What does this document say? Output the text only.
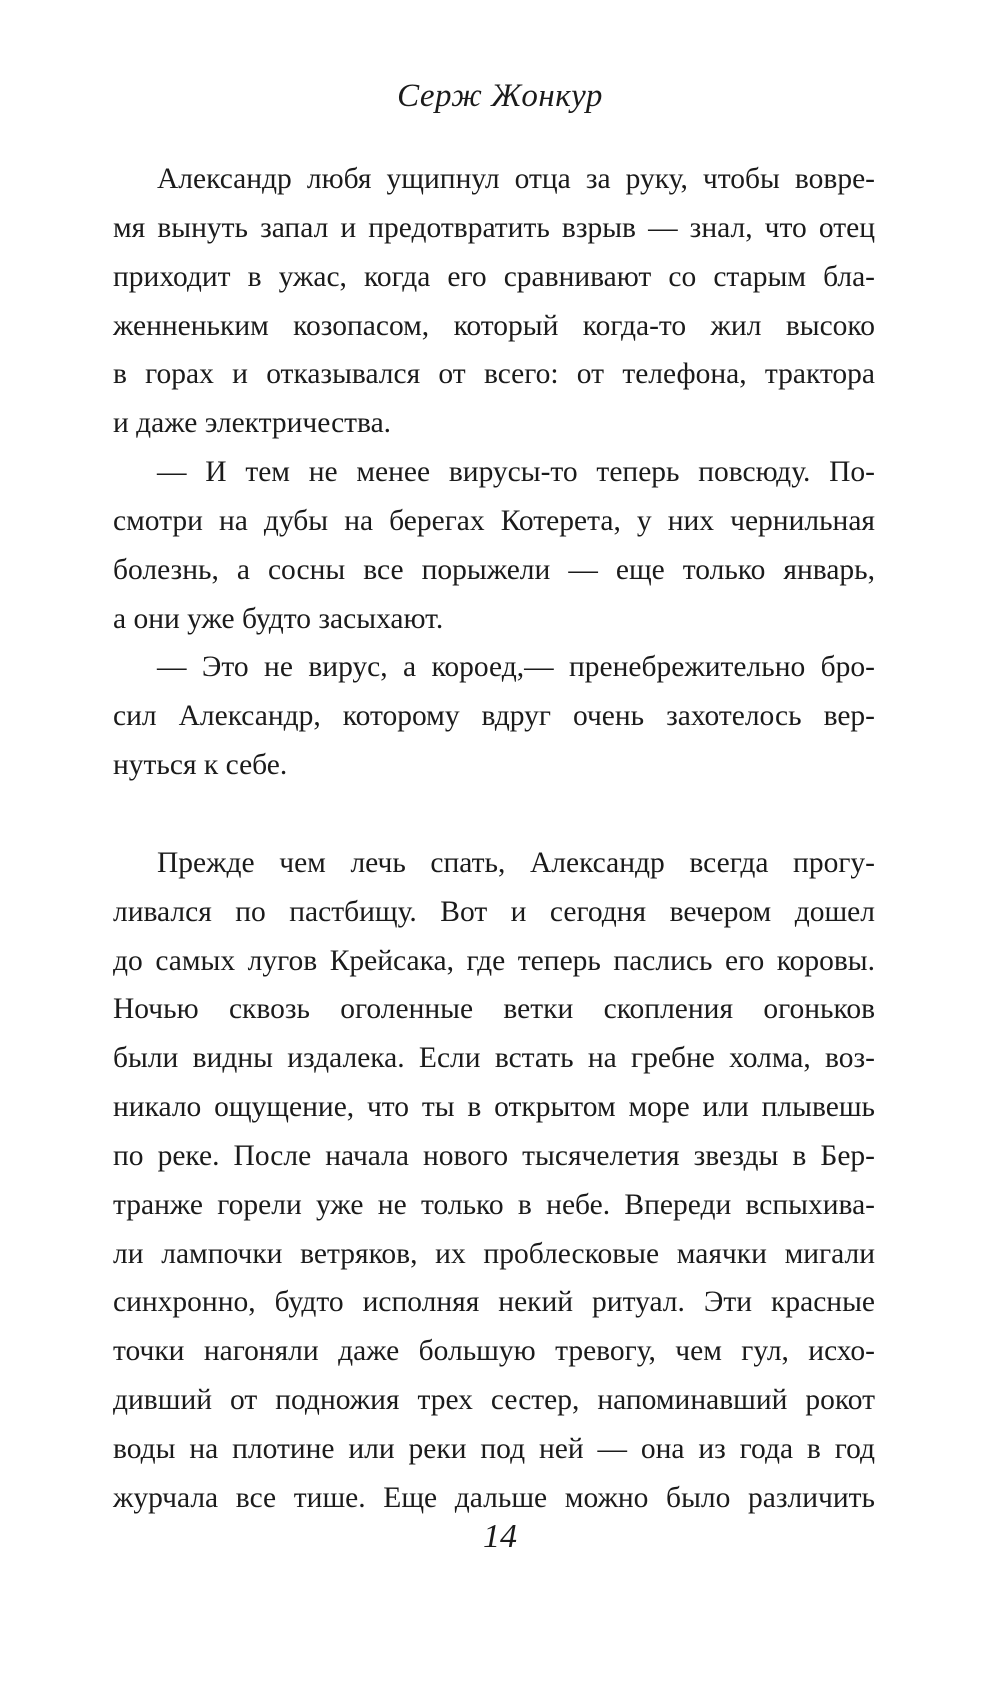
Серж Жонкур
Александр любя ущипнул отца за руку, чтобы вовре-
мя вынуть запал и предотвратить взрыв — знал, что отец
приходит в ужас, когда его сравнивают со старым бла-
женненьким козопасом, который когда-то жил высоко
в горах и отказывался от всего: от телефона, трактора
и даже электричества.
— И тем не менее вирусы-то теперь повсюду. По-
смотри на дубы на берегах Котерета, у них чернильная
болезнь, а сосны все порыжели — еще только январь,
а они уже будто засыхают.
— Это не вирус, а короед,— пренебрежительно бро-
сил Александр, которому вдруг очень захотелось вер-
нуться к себе.
Прежде чем лечь спать, Александр всегда прогу-
ливался по пастбищу. Вот и сегодня вечером дошел
до самых лугов Крейсака, где теперь паслись его коровы.
Ночью сквозь оголенные ветки скопления огоньков
были видны издалека. Если встать на гребне холма, воз-
никало ощущение, что ты в открытом море или плывешь
по реке. После начала нового тысячелетия звезды в Бер-
транже горели уже не только в небе. Впереди вспыхива-
ли лампочки ветряков, их проблесковые маячки мигали
синхронно, будто исполняя некий ритуал. Эти красные
точки нагоняли даже большую тревогу, чем гул, исхо-
дивший от подножия трех сестер, напоминавший рокот
воды на плотине или реки под ней — она из года в год
журчала все тише. Еще дальше можно было различить
14
